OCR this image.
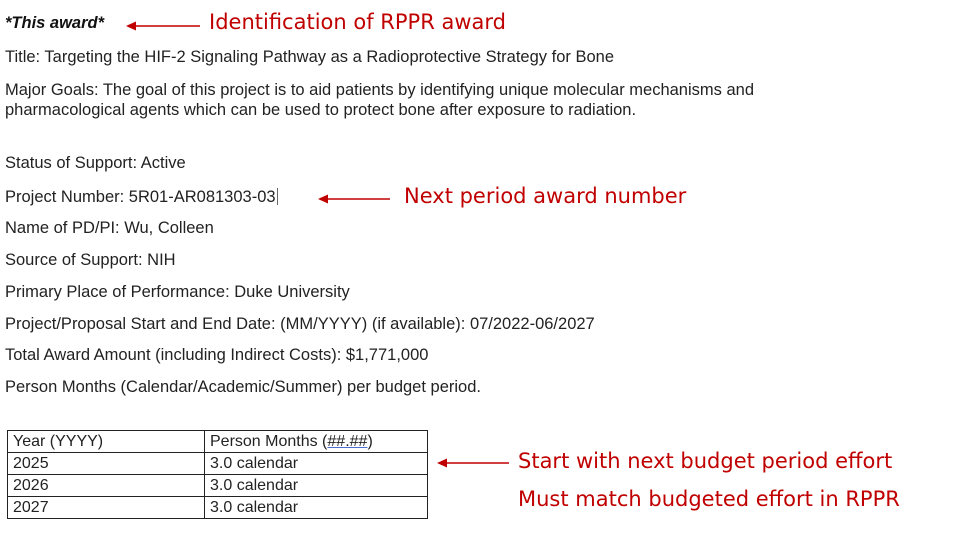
*This award*
Title: Targeting the HIF-2 Signaling Pathway as a Radioprotective Strategy for Bone
Major Goals: The goal of this project is to aid patients by identifying unique molecular mechanisms and pharmacological agents which can be used to protect bone after exposure to radiation.
Status of Support: Active
Project Number: 5R01-AR081303-03
Name of PD/PI: Wu, Colleen
Source of Support: NIH
Primary Place of Performance: Duke University
Project/Proposal Start and End Date: (MM/YYYY) (if available): 07/2022-06/2027
Total Award Amount (including Indirect Costs): $1,771,000
Person Months (Calendar/Academic/Summer) per budget period.
Year (YYYY)	Person Months (##.##)
2025	3.0 calendar
2026	3.0 calendar
2027	3.0 calendar
Identification of RPPR award
Next period award number
Start with next budget period effort
Must match budgeted effort in RPPR
